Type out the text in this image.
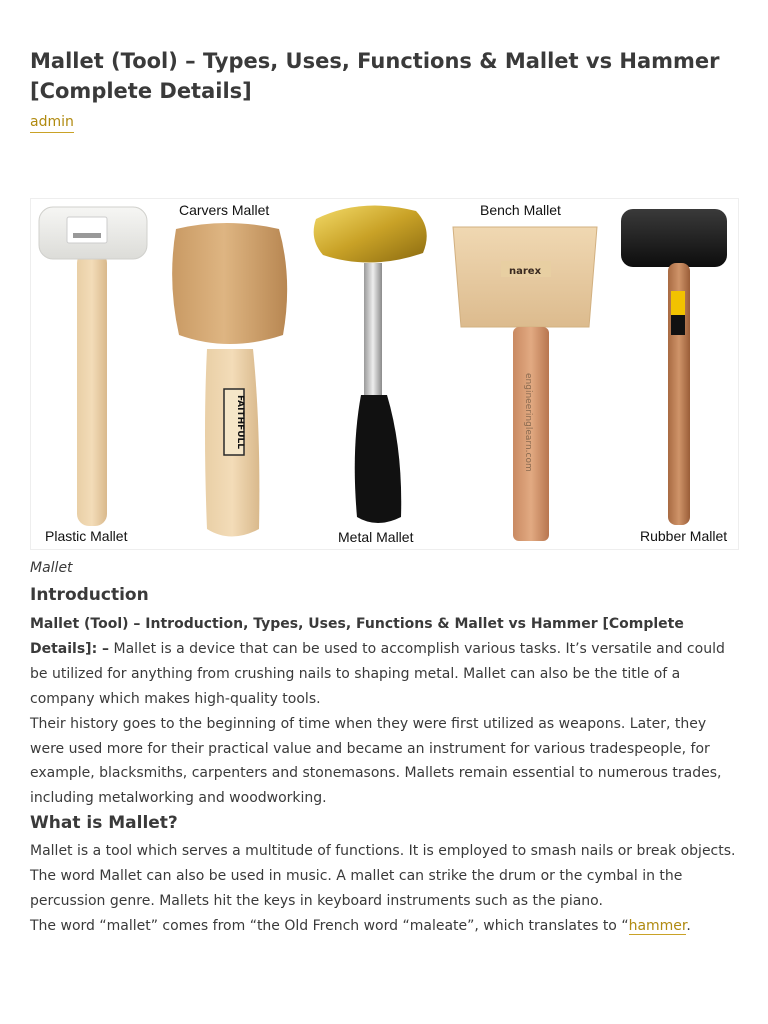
Mallet (Tool) – Types, Uses, Functions & Mallet vs Hammer [Complete Details]
admin
engineeringlearn.com
Carvers Mallet	Bench Mallet
Plastic Mallet	Metal Mallet	Rubber Mallet
FAITHFULL
narex
Mallet
Introduction

Mallet (Tool) – Introduction, Types, Uses, Functions & Mallet vs Hammer [Complete Details]: – Mallet is a device that can be used to accomplish various tasks. It’s versatile and could be utilized for anything from crushing nails to shaping metal. Mallet can also be the title of a company which makes high-quality tools.

Their history goes to the beginning of time when they were first utilized as weapons. Later, they were used more for their practical value and became an instrument for various tradespeople, for example, blacksmiths, carpenters and stonemasons. Mallets remain essential to numerous trades, including metalworking and woodworking.

What is Mallet?

Mallet is a tool which serves a multitude of functions. It is employed to smash nails or break objects. The word Mallet can also be used in music. A mallet can strike the drum or the cymbal in the percussion genre. Mallets hit the keys in keyboard instruments such as the piano.

The word “mallet” comes from “the Old French word “maleate”, which translates to “hammer.
